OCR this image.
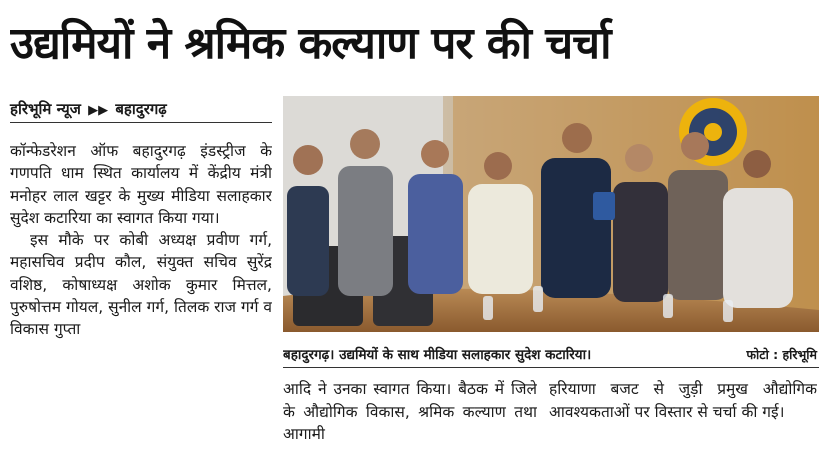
उद्यमियों ने श्रमिक कल्याण पर की चर्चा
हरिभूमि न्यूज ▶▶ बहादुरगढ़

कॉन्फेडरेशन ऑफ बहादुरगढ़ इंडस्ट्रीज के गणपति धाम स्थित कार्यालय में केंद्रीय मंत्री मनोहर लाल खट्टर के मुख्य मीडिया सलाहकार सुदेश कटारिया का स्वागत किया गया।

इस मौके पर कोबी अध्यक्ष प्रवीण गर्ग, महासचिव प्रदीप कौल, संयुक्त सचिव सुरेंद्र वशिष्ठ, कोषाध्यक्ष अशोक कुमार मित्तल, पुरुषोत्तम गोयल, सुनील गर्ग, तिलक राज गर्ग व विकास गुप्ता

बहादुरगढ़। उद्यमियों के साथ मीडिया सलाहकार सुदेश कटारिया।	फोटो : हरिभूमि

आदि ने उनका स्वागत किया। बैठक में जिले के औद्योगिक विकास, श्रमिक कल्याण तथा आगामी

हरियाणा बजट से जुड़ी प्रमुख औद्योगिक आवश्यकताओं पर विस्तार से चर्चा की गई।
